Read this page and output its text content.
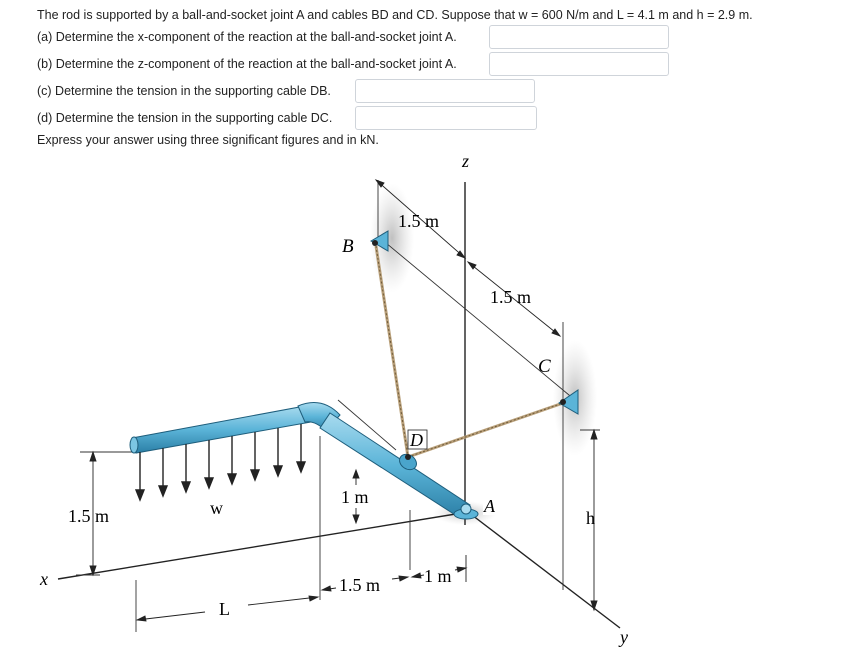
The rod is supported by a ball-and-socket joint A and cables BD and CD. Suppose that w = 600 N/m and L = 4.1 m and h = 2.9 m.
(a) Determine the x-component of the reaction at the ball-and-socket joint A.
(b) Determine the z-component of the reaction at the ball-and-socket joint A.
(c) Determine the tension in the supporting cable DB.
(d) Determine the tension in the supporting cable DC.
Express your answer using three significant figures and in kN.
z
y
x
B
C
D
A
1.5 m
1.5 m
1 m
1.5 m	w	h
L
1.5 m 1 m
